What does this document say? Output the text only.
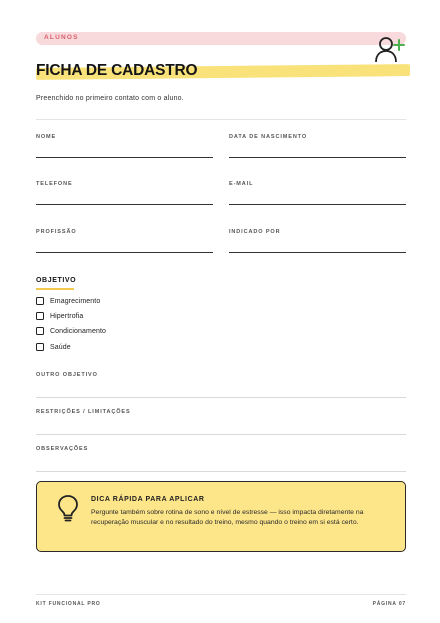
ALUNOS
FICHA DE CADASTRO
Preenchido no primeiro contato com o aluno.
NOME	DATA DE NASCIMENTO
TELEFONE	E-MAIL
PROFISSÃO	INDICADO POR
OBJETIVO
Emagrecimento
Hipertrofia
Condicionamento
Saúde
OUTRO OBJETIVO
RESTRIÇÕES / LIMITAÇÕES
OBSERVAÇÕES
DICA RÁPIDA PARA APLICAR
Pergunte também sobre rotina de sono e nível de estresse — isso impacta diretamente na recuperação muscular e no resultado do treino, mesmo quando o treino em si está certo.
KIT FUNCIONAL PRO	PÁGINA 07
